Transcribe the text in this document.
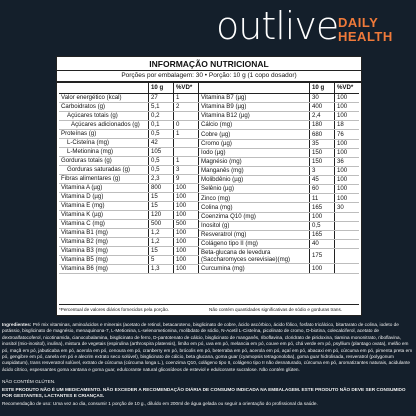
outlive DAILY
HEALTH
INFORMAÇÃO NUTRICIONAL
Porções por embalagem: 30 • Porção: 10 g (1 copo dosador)
	10 g	%VD*
Valor energético (kcal)	27	1
Carboidratos (g)	5,1	2
Açúcares totais (g)	0,2	
Açúcares adicionados (g)	0,1	0
Proteínas (g)	0,5	1
L-Cisteína (mg)	42	
L-Metionina (mg)	105	
Gorduras totais (g)	0,5	1
Gorduras saturadas (g)	0,5	3
Fibras alimentares (g)	2,3	9
Vitamina A (µg)	800	100
Vitamina D (µg)	15	100
Vitamina E (mg)	15	100
Vitamina K (µg)	120	100
Vitamina C (mg)	500	500
Vitamina B1 (mg)	1,2	100
Vitamina B2 (mg)	1,2	100
Vitamina B3 (mg)	15	100
Vitamina B5 (mg)	5	100
Vitamina B6 (mg)	1,3	100
	10 g	%VD*
Vitamina B7 (µg)	30	100
Vitamina B9 (µg)	400	100
Vitamina B12 (µg)	2,4	100
Cálcio (mg)	180	18
Cobre (µg)	680	76
Cromo (µg)	35	100
Iodo (µg)	150	100
Magnésio (mg)	150	36
Manganês (mg)	3	100
Molibdênio (µg)	45	100
Selênio (µg)	60	100
Zinco (mg)	11	100
Colina (mg)	165	30
Coenzima Q10 (mg)	100	
Inositol (g)	0,5	
Resveratrol (mg)	165	
Colágeno tipo II (mg)	40	
Beta-glucana de levedura (Saccharomyces cerevisiae)(mg)	175	
Curcumina (mg)	100	
*Percentual de valores diários fornecidos pela porção.	Não contém quantidades significativas de sódio e gorduras trans.
Ingredientes: Pré mix vitaminas, aminoácidos e minerais (acetato de retinol, betacaroteno, bisglicinato de cobre, ácido ascórbico, ácido fólico, fosfato tricálcico, bitartarato de colina, iodeto de potássio, bisglicinato de magnésio, menaquinona-7, L-Metionina, L-selenometionina, molibdato de sódio, N-Acetil L-Cisteína, picolinato de cromo, D-biotina, colecalciferol, acetato de dextroalfatocoferol, nicotinamida, cianocobalamina, bisglicinato de ferro, D-pantotenato de cálcio, bisglicinato de manganês, riboflavina, cloridrato de piridoxina, tiamina mononitrato, riboflavina, inositol (mio-inositol), inulina), mistura de vegetais (espirulina (arthrospira platensis), limão em pó, uva em pó, melancia em pó, couve em pó, chá verde em pó, psyllium (plantago ovata), melão em pó, maçã em pó, jabuticaba em pó, acerola em pó, cenoura em pó, cranberry em pó, brócolis em pó, beterraba em pó, acerola em pó, açaí em pó, abacaxi em pó, cúrcuma em pó, pimenta preta em pó, gengibre em pó, canela em pó e alecrim extrato seco solúvel), bisglicinato de cálcio, beta glucana, goma guar (cyamopsis tetragonoloba), goma guar hidrolisada, resveratrol (polygonum cuspidatum), trans resveratrol solúvel, extrato de cúrcuma (cúrcuma longa L.), coenzima Q10, colágeno tipo II, colágeno tipo II não desnaturado, cúrcuma em pó, aromatizantes naturais, acidulante ácido cítrico, espessantes goma xantana e goma guar, edulcorante natural glicosídeos de esteviol e edulcorante sucralose. Não contém glúten.
NÃO CONTÉM GLÚTEN.
ESTE PRODUTO NÃO É UM MEDICAMENTO. NÃO EXCEDER A RECOMENDAÇÃO DIÁRIA DE CONSUMO INDICADA NA EMBALAGEM. ESTE PRODUTO NÃO DEVE SER CONSUMIDO POR GESTANTES, LACTANTES E CRIANÇAS.
Recomendação de uso: Uma vez ao dia, consumir 1 porção de 10 g., diluído em 200ml de água gelada ou seguir a orientação do profissional da saúde.
